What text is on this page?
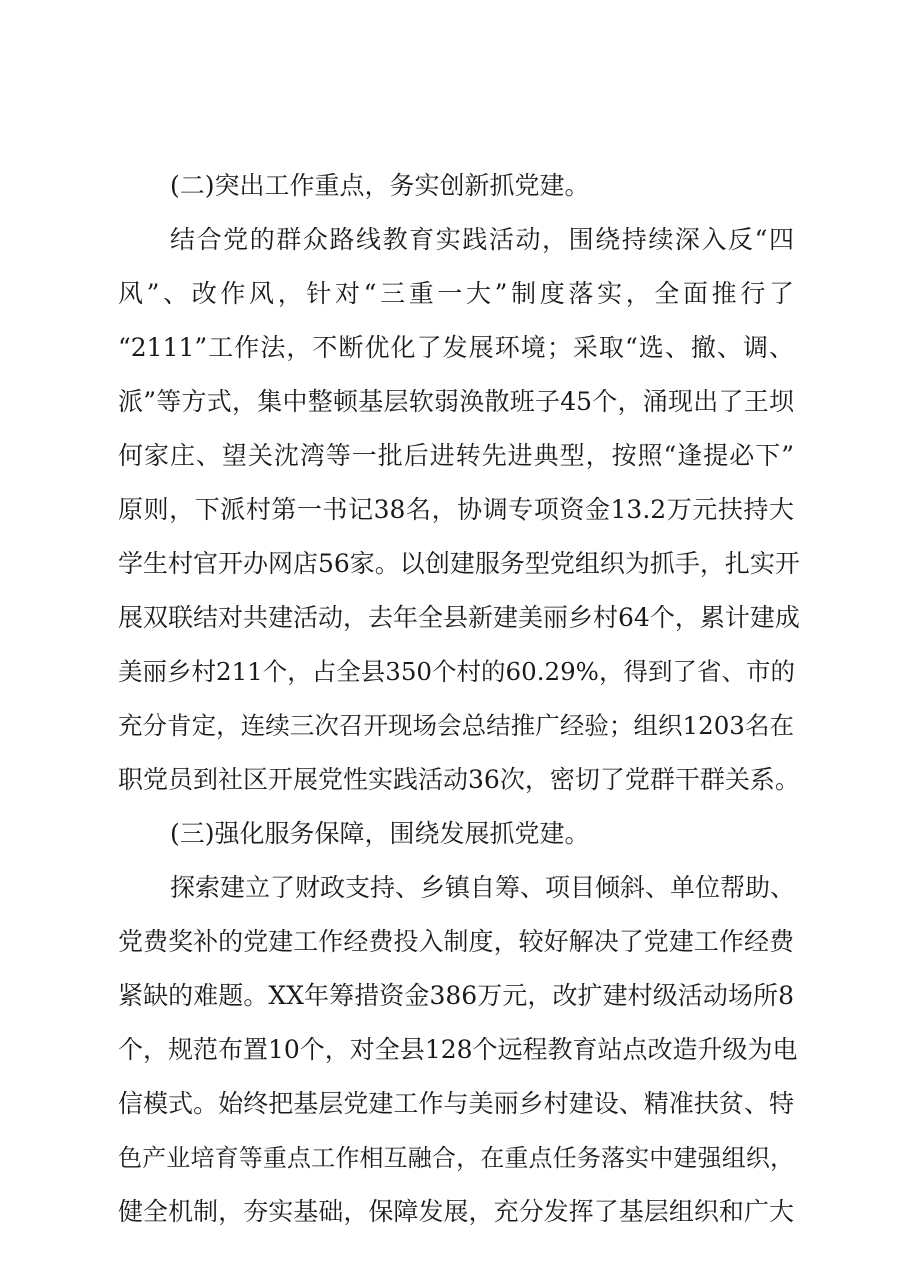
(二)突出工作重点，务实创新抓党建。
结合党的群众路线教育实践活动，围绕持续深入反“四
风”、改作风，针对“三重一大”制度落实，全面推行了
“2111”工作法，不断优化了发展环境；采取“选、撤、调、
派”等方式，集中整顿基层软弱涣散班子45个，涌现出了王坝
何家庄、望关沈湾等一批后进转先进典型，按照“逢提必下”
原则，下派村第一书记38名，协调专项资金13.2万元扶持大
学生村官开办网店56家。以创建服务型党组织为抓手，扎实开
展双联结对共建活动，去年全县新建美丽乡村64个，累计建成
美丽乡村211个，占全县350个村的60.29%，得到了省、市的
充分肯定，连续三次召开现场会总结推广经验；组织1203名在
职党员到社区开展党性实践活动36次，密切了党群干群关系。
(三)强化服务保障，围绕发展抓党建。
探索建立了财政支持、乡镇自筹、项目倾斜、单位帮助、
党费奖补的党建工作经费投入制度，较好解决了党建工作经费
紧缺的难题。XX年筹措资金386万元，改扩建村级活动场所8
个，规范布置10个，对全县128个远程教育站点改造升级为电
信模式。始终把基层党建工作与美丽乡村建设、精准扶贫、特
色产业培育等重点工作相互融合，在重点任务落实中建强组织，
健全机制，夯实基础，保障发展，充分发挥了基层组织和广大
